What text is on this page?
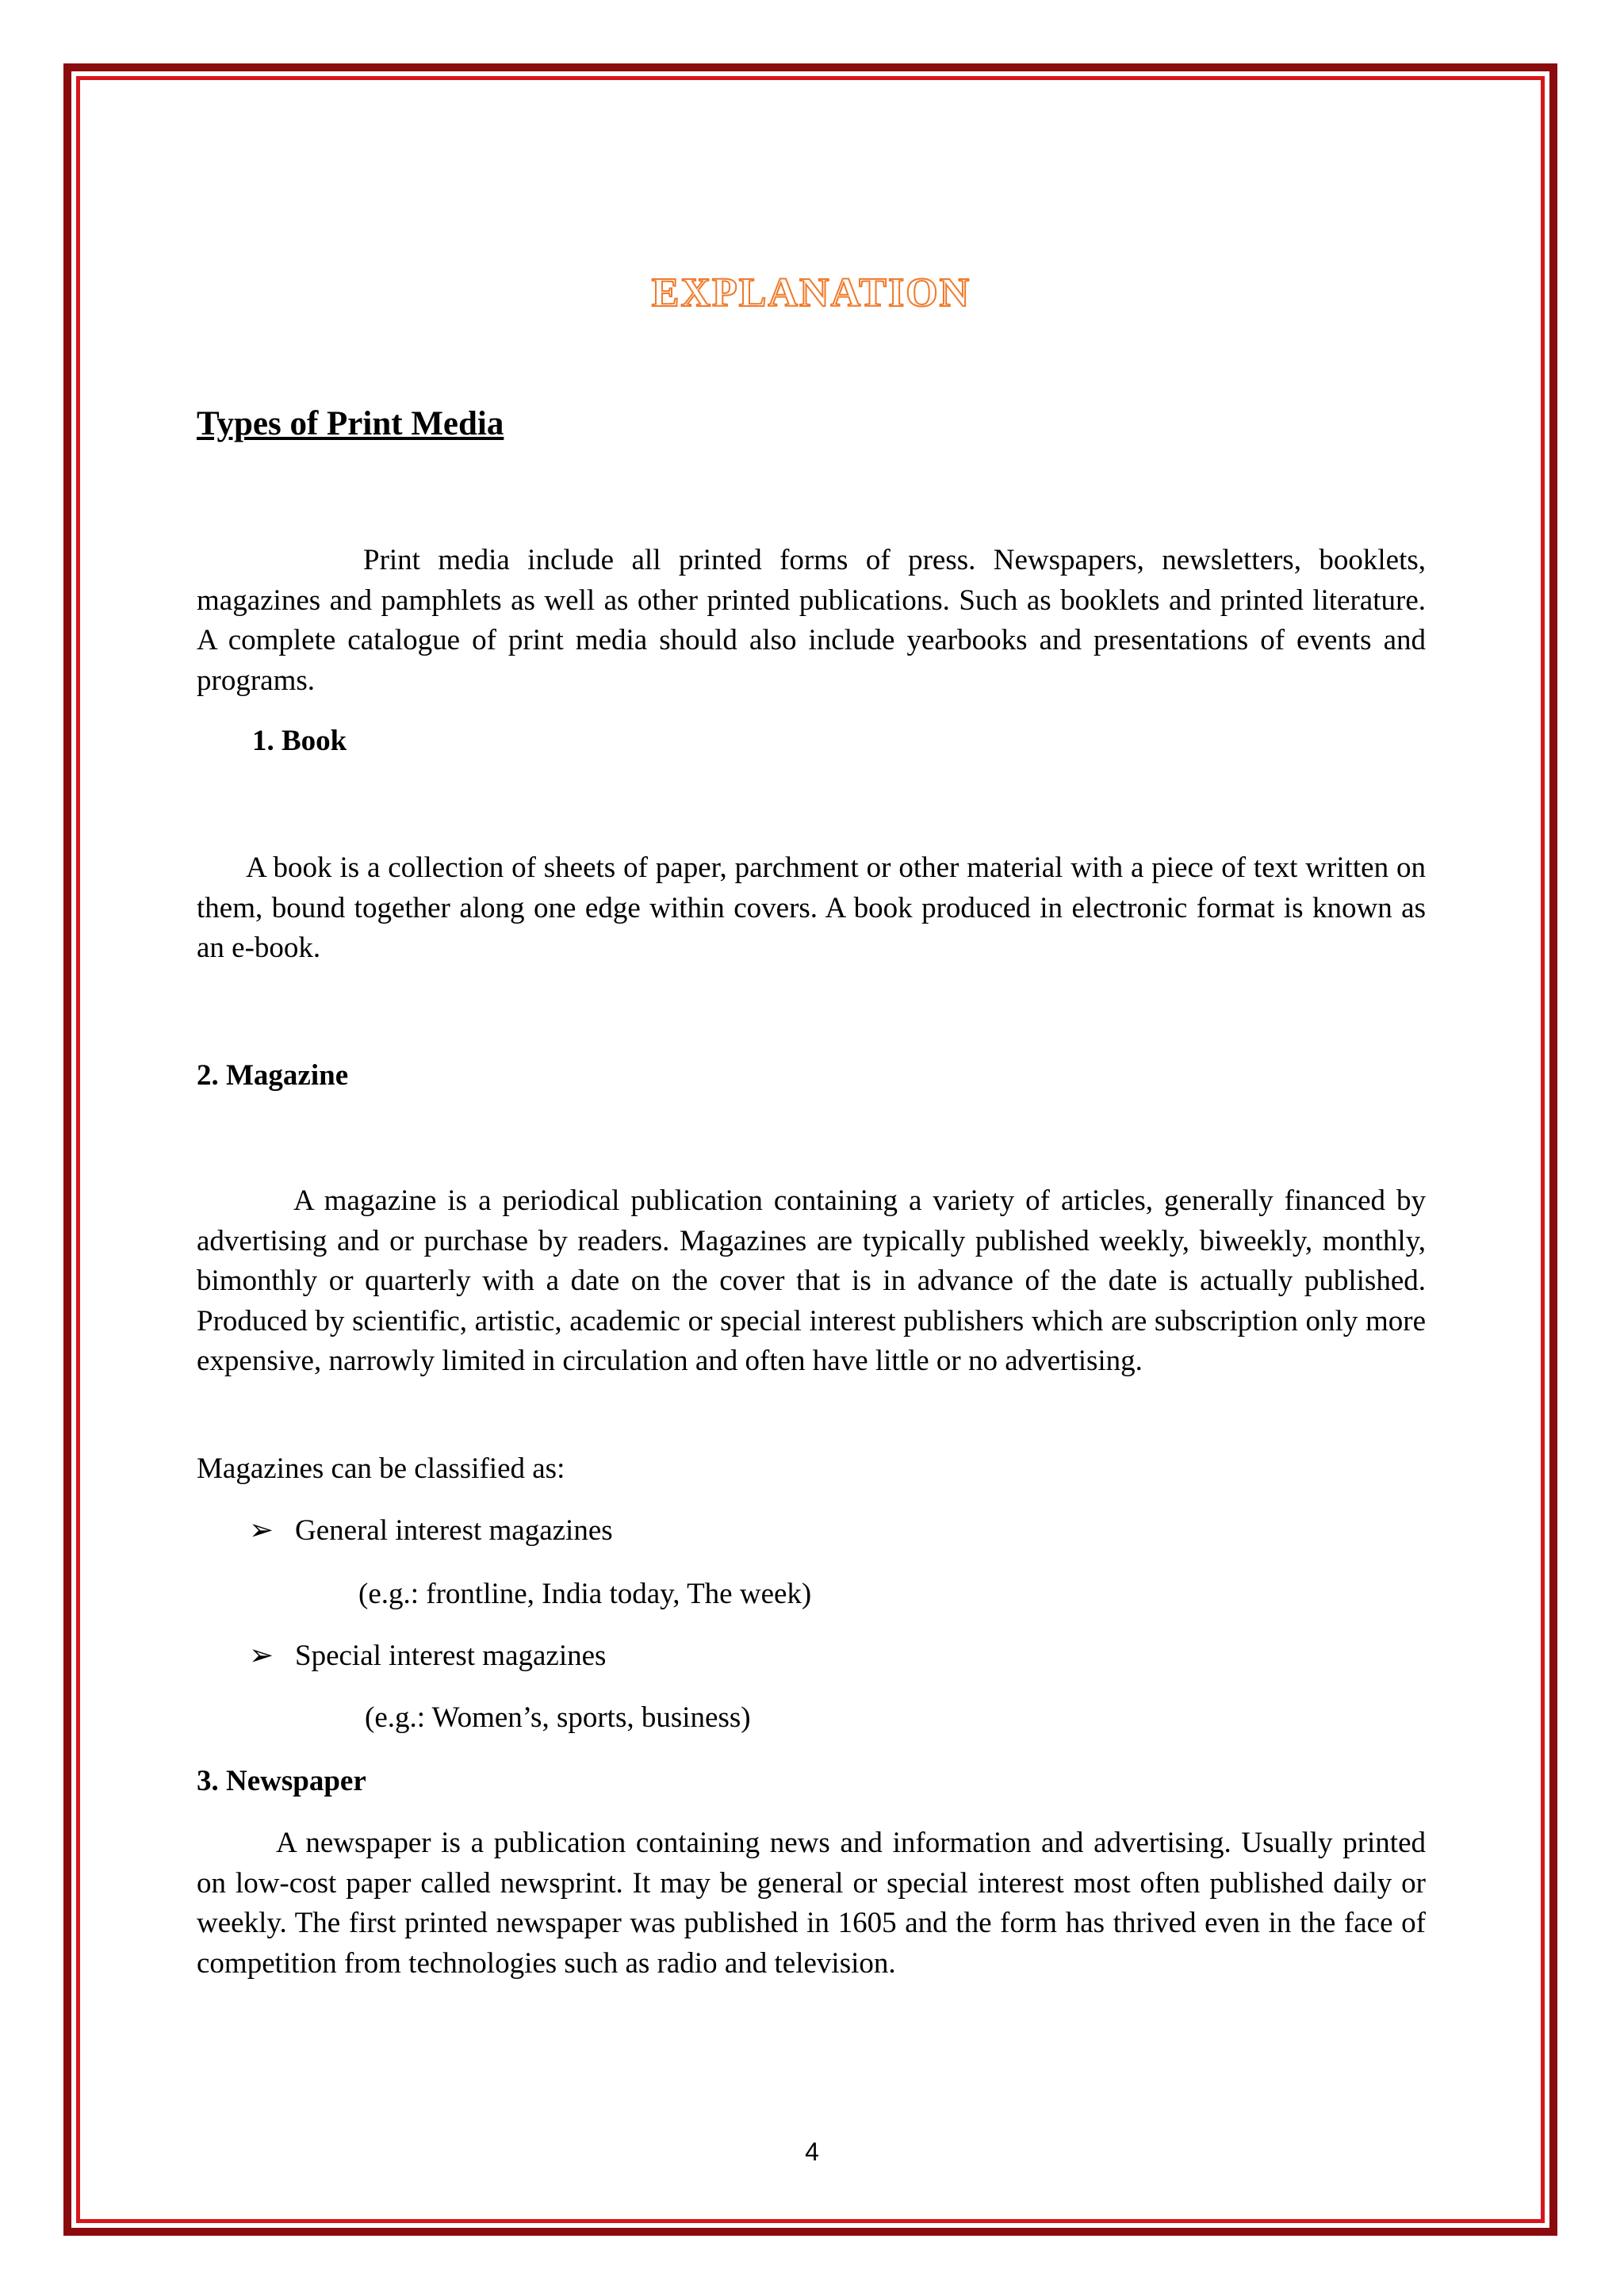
EXPLANATION
Types of Print Media

Print media include all printed forms of press. Newspapers, newsletters, booklets, magazines and pamphlets as well as other printed publications. Such as booklets and printed literature. A complete catalogue of print media should also include yearbooks and presentations of events and programs.

1. Book

A book is a collection of sheets of paper, parchment or other material with a piece of text written on them, bound together along one edge within covers. A book produced in electronic format is known as an e-book.

2. Magazine

A magazine is a periodical publication containing a variety of articles, generally financed by advertising and or purchase by readers. Magazines are typically published weekly, biweekly, monthly, bimonthly or quarterly with a date on the cover that is in advance of the date is actually published. Produced by scientific, artistic, academic or special interest publishers which are subscription only more expensive, narrowly limited in circulation and often have little or no advertising.

Magazines can be classified as:
➢ General interest magazines
(e.g.: frontline, India today, The week)
➢ Special interest magazines
(e.g.: Women’s, sports, business)
3. Newspaper

A newspaper is a publication containing news and information and advertising. Usually printed on low-cost paper called newsprint. It may be general or special interest most often published daily or weekly. The first printed newspaper was published in 1605 and the form has thrived even in the face of competition from technologies such as radio and television.

4
